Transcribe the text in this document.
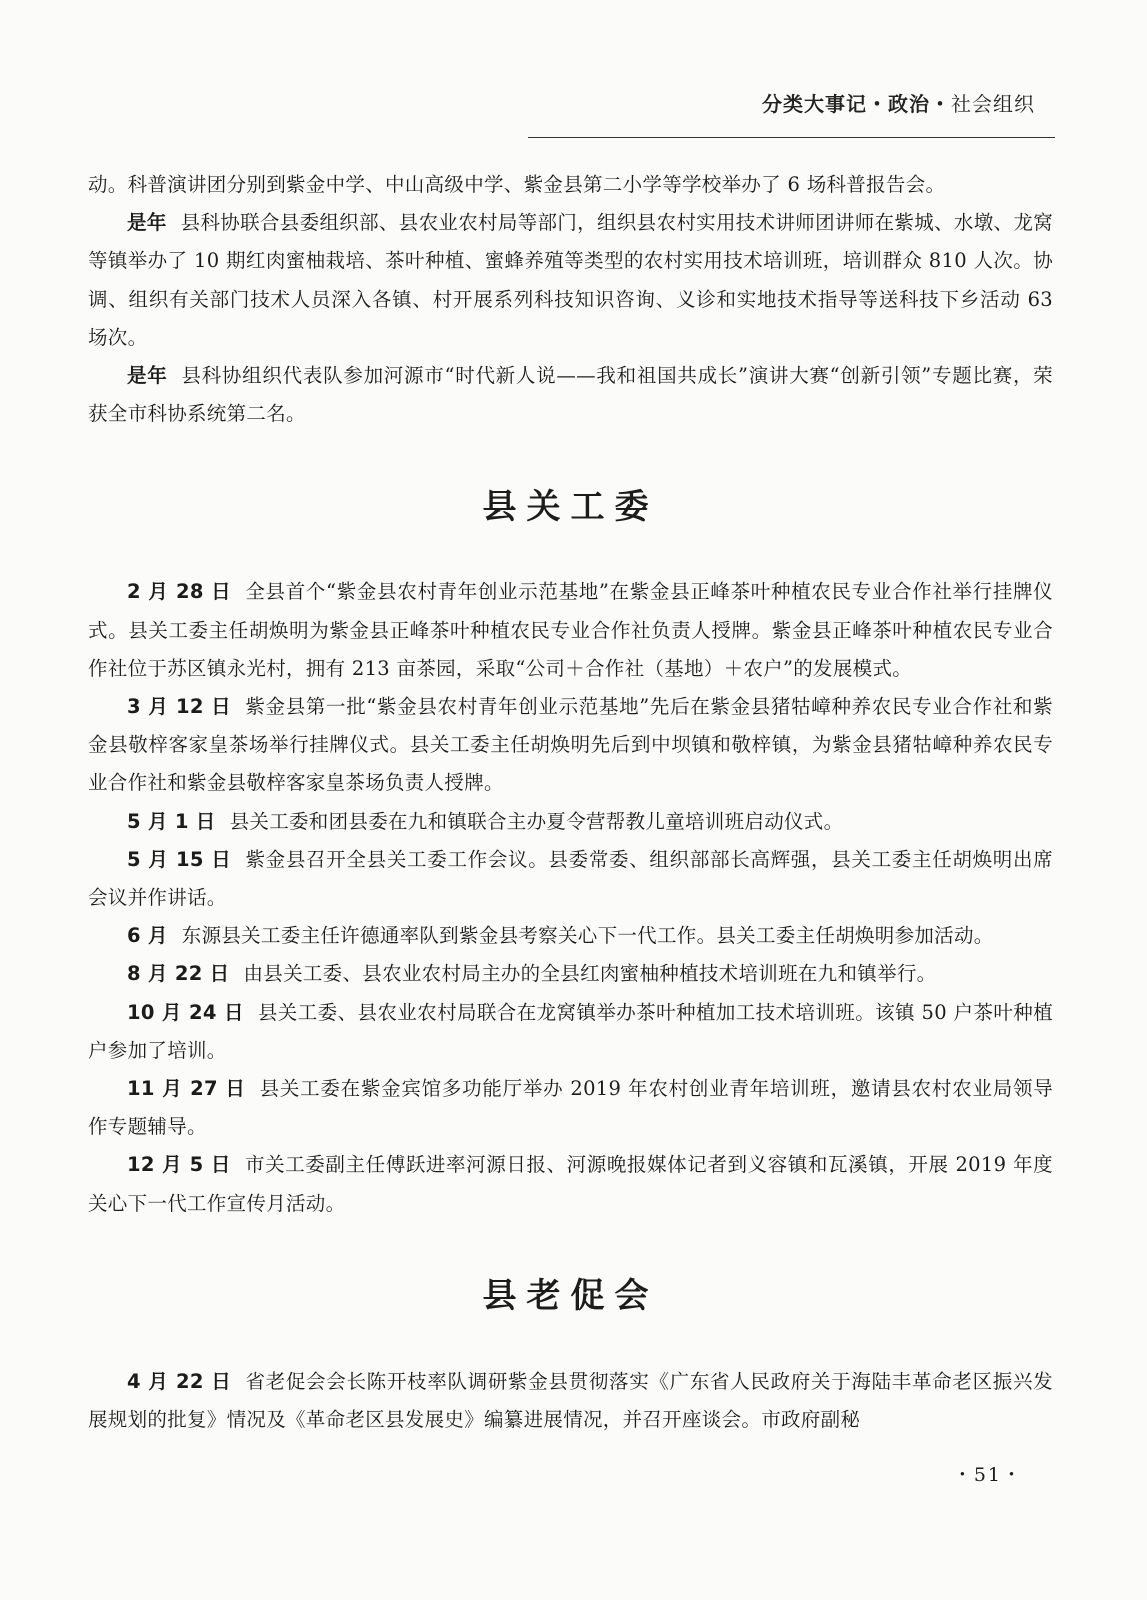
分类大事记・政治・社会组织

动。科普演讲团分别到紫金中学、中山高级中学、紫金县第二小学等学校举办了 6 场科普报告会。

是年 县科协联合县委组织部、县农业农村局等部门，组织县农村实用技术讲师团讲师在紫城、水墩、龙窝等镇举办了 10 期红肉蜜柚栽培、茶叶种植、蜜蜂养殖等类型的农村实用技术培训班，培训群众 810 人次。协调、组织有关部门技术人员深入各镇、村开展系列科技知识咨询、义诊和实地技术指导等送科技下乡活动 63 场次。

是年 县科协组织代表队参加河源市“时代新人说——我和祖国共成长”演讲大赛“创新引领”专题比赛，荣获全市科协系统第二名。

县关工委

2 月 28 日 全县首个“紫金县农村青年创业示范基地”在紫金县正峰茶叶种植农民专业合作社举行挂牌仪式。县关工委主任胡焕明为紫金县正峰茶叶种植农民专业合作社负责人授牌。紫金县正峰茶叶种植农民专业合作社位于苏区镇永光村，拥有 213 亩茶园，采取“公司＋合作社（基地）＋农户”的发展模式。

3 月 12 日 紫金县第一批“紫金县农村青年创业示范基地”先后在紫金县猪牯嶂种养农民专业合作社和紫金县敬梓客家皇茶场举行挂牌仪式。县关工委主任胡焕明先后到中坝镇和敬梓镇，为紫金县猪牯嶂种养农民专业合作社和紫金县敬梓客家皇茶场负责人授牌。

5 月 1 日 县关工委和团县委在九和镇联合主办夏令营帮教儿童培训班启动仪式。

5 月 15 日 紫金县召开全县关工委工作会议。县委常委、组织部部长高辉强，县关工委主任胡焕明出席会议并作讲话。

6 月 东源县关工委主任许德通率队到紫金县考察关心下一代工作。县关工委主任胡焕明参加活动。

8 月 22 日 由县关工委、县农业农村局主办的全县红肉蜜柚种植技术培训班在九和镇举行。

10 月 24 日 县关工委、县农业农村局联合在龙窝镇举办茶叶种植加工技术培训班。该镇 50 户茶叶种植户参加了培训。

11 月 27 日 县关工委在紫金宾馆多功能厅举办 2019 年农村创业青年培训班，邀请县农村农业局领导作专题辅导。

12 月 5 日 市关工委副主任傅跃进率河源日报、河源晚报媒体记者到义容镇和瓦溪镇，开展 2019 年度关心下一代工作宣传月活动。

县老促会

4 月 22 日 省老促会会长陈开枝率队调研紫金县贯彻落实《广东省人民政府关于海陆丰革命老区振兴发展规划的批复》情况及《革命老区县发展史》编纂进展情况，并召开座谈会。市政府副秘

・51・
